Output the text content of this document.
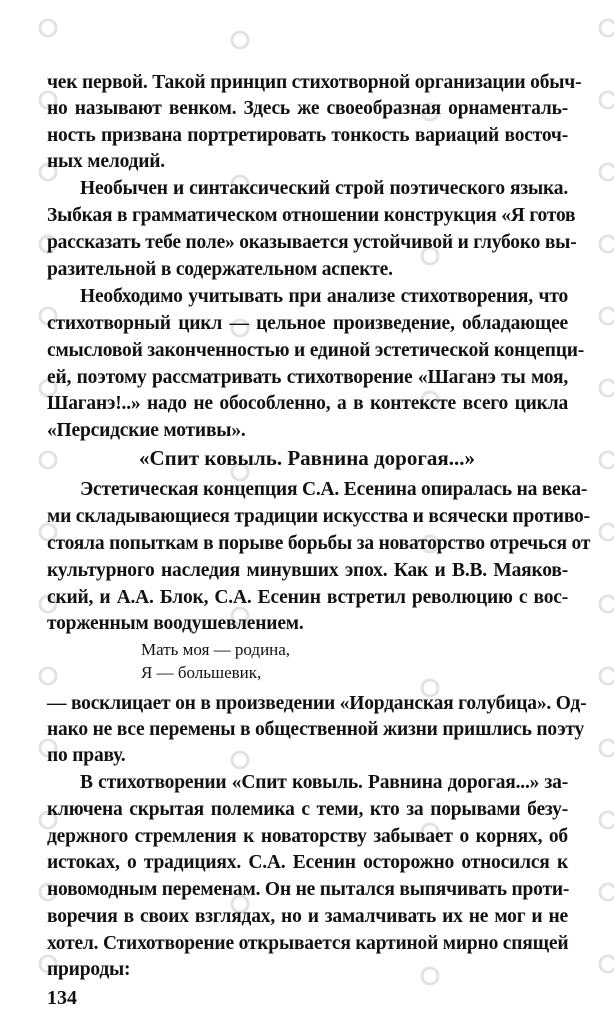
чек первой. Такой принцип стихотворной организации обыч-
но называют венком. Здесь же своеобразная орнаменталь-
ность призвана портретировать тонкость вариаций восточ-
ных мелодий.
Необычен и синтаксический строй поэтического языка.
Зыбкая в грамматическом отношении конструкция «Я готов
рассказать тебе поле» оказывается устойчивой и глубоко вы-
разительной в содержательном аспекте.
Необходимо учитывать при анализе стихотворения, что
стихотворный цикл — цельное произведение, обладающее
смысловой законченностью и единой эстетической концепци-
ей, поэтому рассматривать стихотворение «Шаганэ ты моя,
Шаганэ!..» надо не обособленно, а в контексте всего цикла
«Персидские мотивы».
«Спит ковыль. Равнина дорогая...»
Эстетическая концепция С.А. Есенина опиралась на века-
ми складывающиеся традиции искусства и всячески противо-
стояла попыткам в порыве борьбы за новаторство отречься от
культурного наследия минувших эпох. Как и В.В. Маяков-
ский, и А.А. Блок, С.А. Есенин встретил революцию с вос-
торженным воодушевлением.
Мать моя — родина,
Я — большевик,
— восклицает он в произведении «Иорданская голубица». Од-
нако не все перемены в общественной жизни пришлись поэту
по праву.
В стихотворении «Спит ковыль. Равнина дорогая...» за-
ключена скрытая полемика с теми, кто за порывами безу-
держного стремления к новаторству забывает о корнях, об
истоках, о традициях. С.А. Есенин осторожно относился к
новомодным переменам. Он не пытался выпячивать проти-
воречия в своих взглядах, но и замалчивать их не мог и не
хотел. Стихотворение открывается картиной мирно спящей
природы:
134
